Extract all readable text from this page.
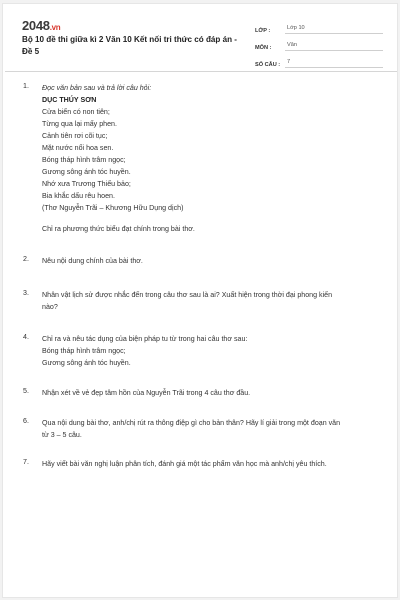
2048.vn
Bộ 10 đề thi giữa kì 2 Văn 10 Kết nối tri thức có đáp án - Đề 5
LỚP :	Lớp 10
MÔN :	Văn
SỐ CÂU :	7
1. Đọc văn bản sau và trả lời câu hỏi:
DỤC THÚY SƠN
Cửa biển có non tiên;
Từng qua lại mấy phen.
Cảnh tiên rơi cõi tục;
Mặt nước nổi hoa sen.
Bóng tháp hình trâm ngọc;
Gương sông ánh tóc huyền.
Nhớ xưa Trương Thiếu bảo;
Bia khắc dấu rêu hoen.
(Thơ Nguyễn Trãi – Khương Hữu Dụng dịch)
Chỉ ra phương thức biểu đạt chính trong bài thơ.
2. Nêu nội dung chính của bài thơ.
3. Nhân vật lịch sử được nhắc đến trong câu thơ sau là ai? Xuất hiện trong thời đại phong kiến
nào?
4. Chỉ ra và nêu tác dụng của biện pháp tu từ trong hai câu thơ sau:
Bóng tháp hình trâm ngọc;
Gương sông ánh tóc huyền.
5. Nhận xét về vẻ đẹp tâm hồn của Nguyễn Trãi trong 4 câu thơ đầu.
6. Qua nội dung bài thơ, anh/chị rút ra thông điệp gì cho bản thân? Hãy lí giải trong một đoạn văn
từ 3 – 5 câu.
7. Hãy viết bài văn nghị luận phân tích, đánh giá một tác phẩm văn học mà anh/chị yêu thích.
